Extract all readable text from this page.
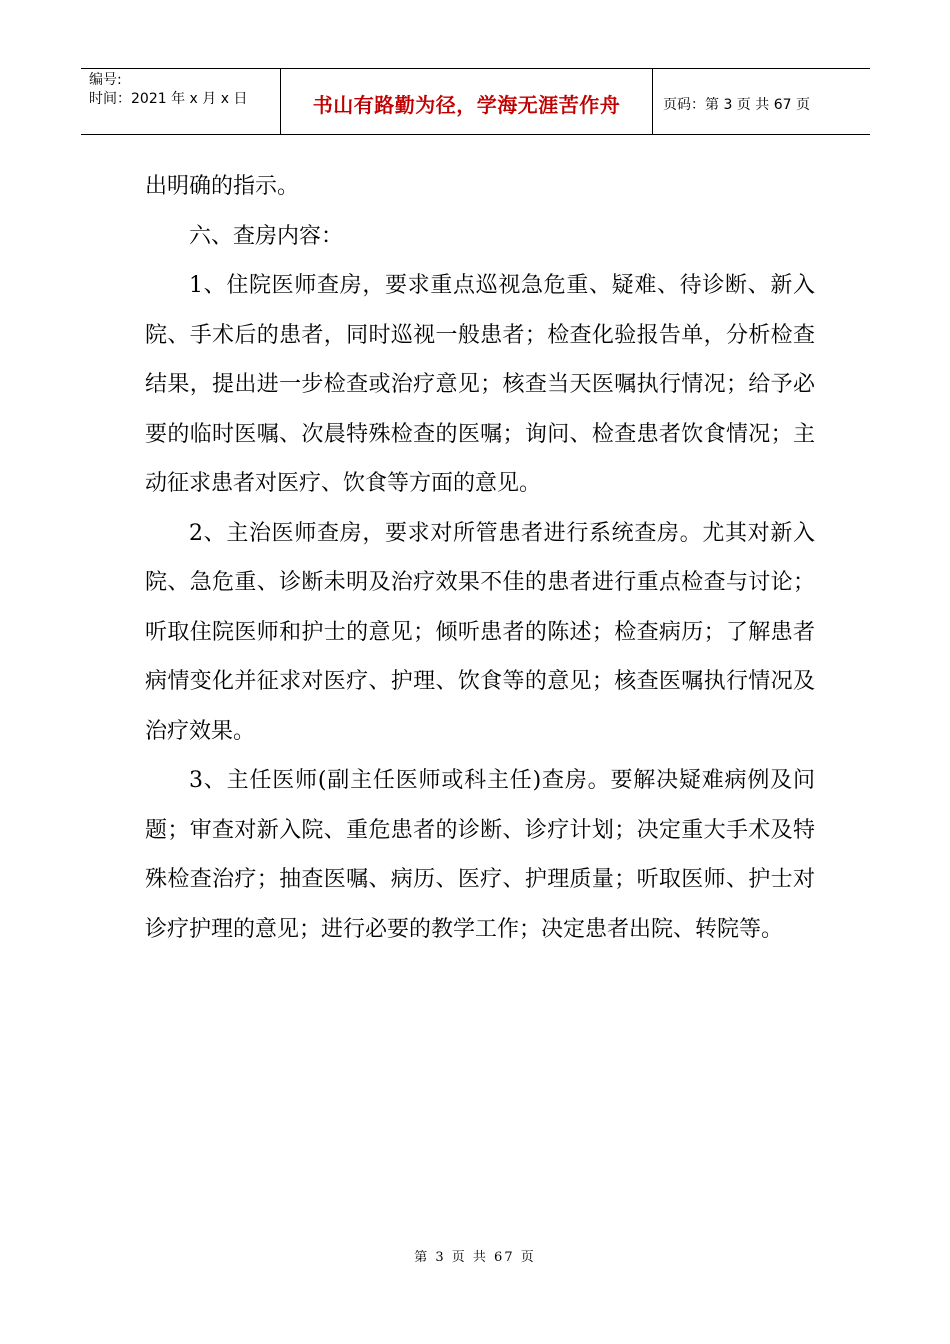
编号:
时间：2021 年 x 月 x 日	书山有路勤为径，学海无涯苦作舟	页码：第 3 页 共 67 页

出明确的指示。

六、查房内容：

1、住院医师查房，要求重点巡视急危重、疑难、待诊断、新入院、手术后的患者，同时巡视一般患者；检查化验报告单，分析检查结果，提出进一步检查或治疗意见；核查当天医嘱执行情况；给予必要的临时医嘱、次晨特殊检查的医嘱；询问、检查患者饮食情况；主动征求患者对医疗、饮食等方面的意见。

2、主治医师查房，要求对所管患者进行系统查房。尤其对新入院、急危重、诊断未明及治疗效果不佳的患者进行重点检查与讨论；听取住院医师和护士的意见；倾听患者的陈述；检查病历；了解患者病情变化并征求对医疗、护理、饮食等的意见；核查医嘱执行情况及治疗效果。

3、主任医师(副主任医师或科主任)查房。要解决疑难病例及问题；审查对新入院、重危患者的诊断、诊疗计划；决定重大手术及特殊检查治疗；抽查医嘱、病历、医疗、护理质量；听取医师、护士对诊疗护理的意见；进行必要的教学工作；决定患者出院、转院等。

第 3 页 共 67 页
